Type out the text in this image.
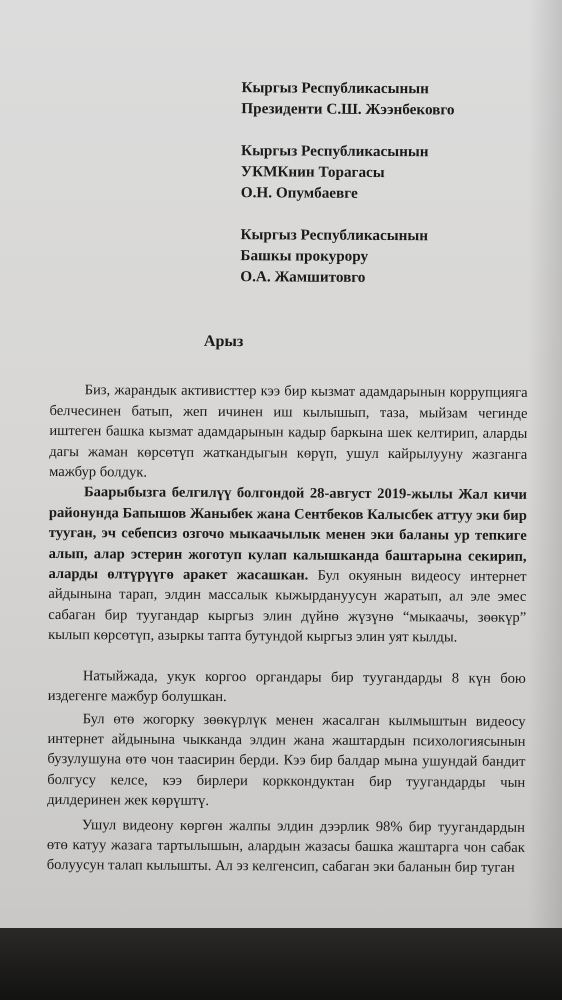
Кыргыз Республикасынын

Президенти С.Ш. Жээнбековго

Кыргыз Республикасынын

УКМКнин Торагасы

О.Н. Опумбаевге

Кыргыз Республикасынын

Башкы прокурору

О.А. Жамшитовго

Арыз

Биз, жарандык активисттер кээ бир кызмат адамдарынын коррупцияга белчесинен батып, жеп ичинен иш кылышып, таза, мыйзам чегинде иштеген башка кызмат адамдарынын кадыр баркына шек келтирип, аларды дагы жаман көрсөтүп жаткандыгын көрүп, ушул кайрылууну жазганга мажбур болдук.

Баарыбызга белгилүү болгондой 28-август 2019-жылы Жал кичи районунда Бапышов Жаныбек жана Сентбеков Калысбек аттуу эки бир тууган, эч себепсиз озгочо мыкаачылык менен эки баланы ур тепкиге алып, алар эстерин жоготуп кулап калышканда баштарына секирип, аларды өлтүрүүгө аракет жасашкан. Бул окуянын видеосу интернет айдынына тарап, элдин массалык кыжырдануусун жаратып, ал эле эмес сабаган бир туугандар кыргыз элин дүйнө жүзүнө “мыкаачы, зөөкүр” кылып көрсөтүп, азыркы тапта бутундой кыргыз элин уят кылды.

Натыйжада, укук коргоо органдары бир туугандарды 8 күн бою издегенге мажбур болушкан.

Бул өтө жогорку зөөкүрлүк менен жасалган кылмыштын видеосу интернет айдынына чыкканда элдин жана жаштардын психологиясынын бузулушуна өтө чон таасирин берди. Кээ бир балдар мына ушундай бандит болгусу келсе, кээ бирлери корккондуктан бир туугандарды чын дилдеринен жек көрүштү.

Ушул видеону көргөн жалпы элдин дээрлик 98% бир туугандардын өтө катуу жазага тартылышын, алардын жазасы башка жаштарга чон сабак болуусун талап кылышты. Ал эз келгенсип, сабаган эки баланын бир туган
